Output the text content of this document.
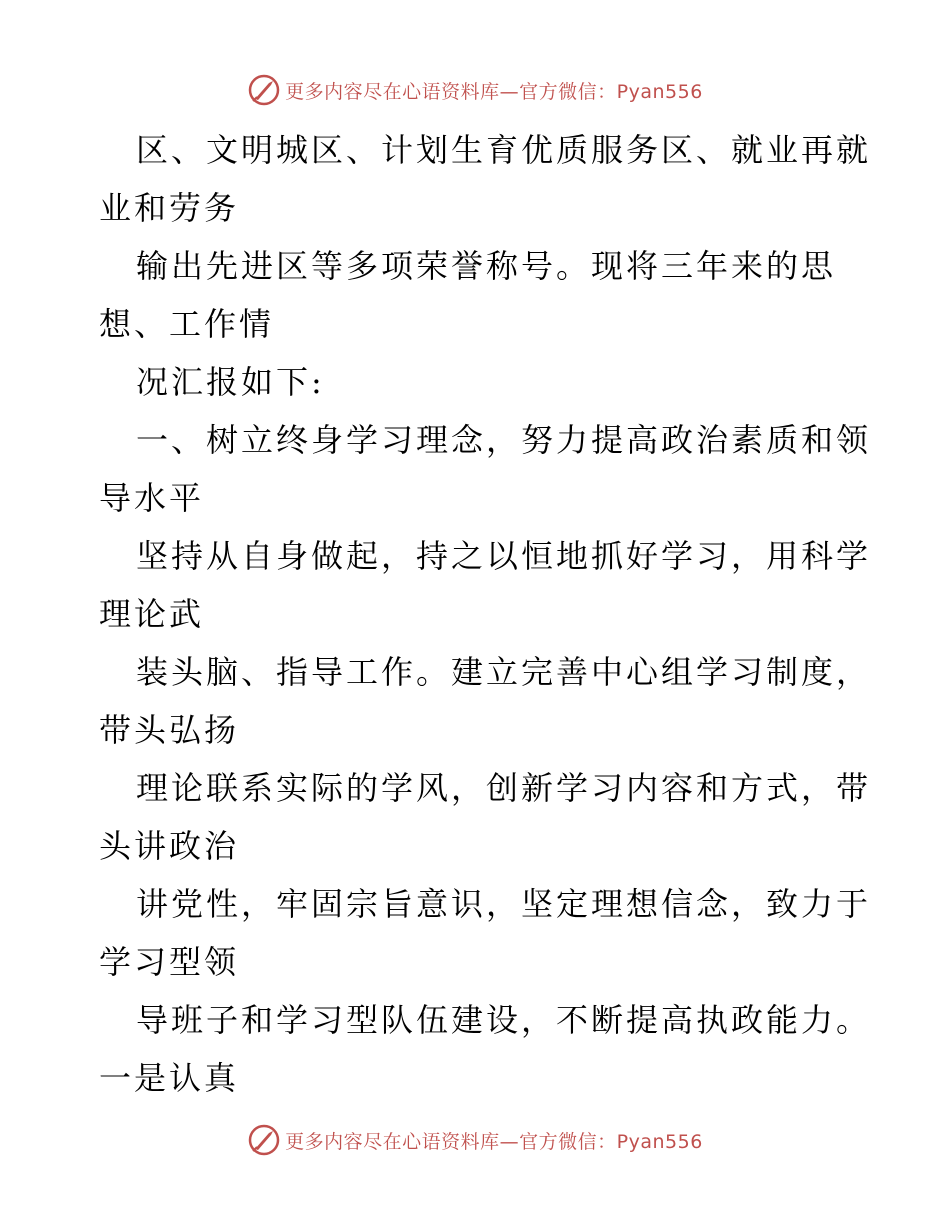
更多内容尽在心语资料库—官方微信：Pyan556
区、文明城区、计划生育优质服务区、就业再就
业和劳务
输出先进区等多项荣誉称号。现将三年来的思
想、工作情
况汇报如下:
一、树立终身学习理念，努力提高政治素质和领
导水平
坚持从自身做起，持之以恒地抓好学习，用科学
理论武
装头脑、指导工作。建立完善中心组学习制度，
带头弘扬
理论联系实际的学风，创新学习内容和方式，带
头讲政治
讲党性，牢固宗旨意识，坚定理想信念，致力于
学习型领
导班子和学习型队伍建设，不断提高执政能力。
一是认真
更多内容尽在心语资料库—官方微信：Pyan556
